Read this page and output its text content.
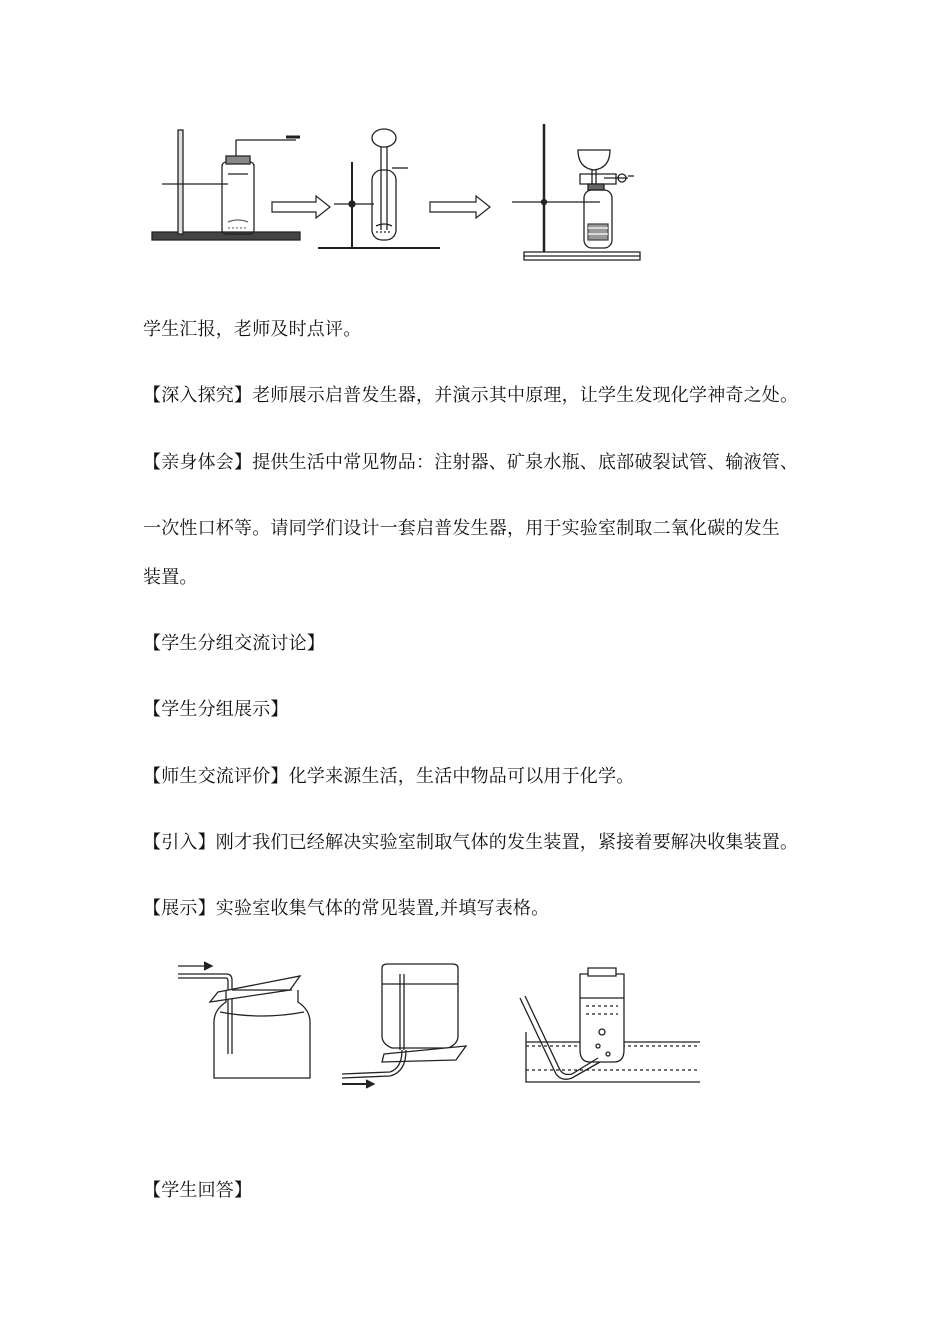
学生汇报，老师及时点评。
【深入探究】老师展示启普发生器，并演示其中原理，让学生发现化学神奇之处。
【亲身体会】提供生活中常见物品：注射器、矿泉水瓶、底部破裂试管、输液管、
一次性口杯等。请同学们设计一套启普发生器，用于实验室制取二氧化碳的发生
装置。
【学生分组交流讨论】
【学生分组展示】
【师生交流评价】化学来源生活，生活中物品可以用于化学。
【引入】刚才我们已经解决实验室制取气体的发生装置，紧接着要解决收集装置。
【展示】实验室收集气体的常见装置,并填写表格。
【学生回答】
